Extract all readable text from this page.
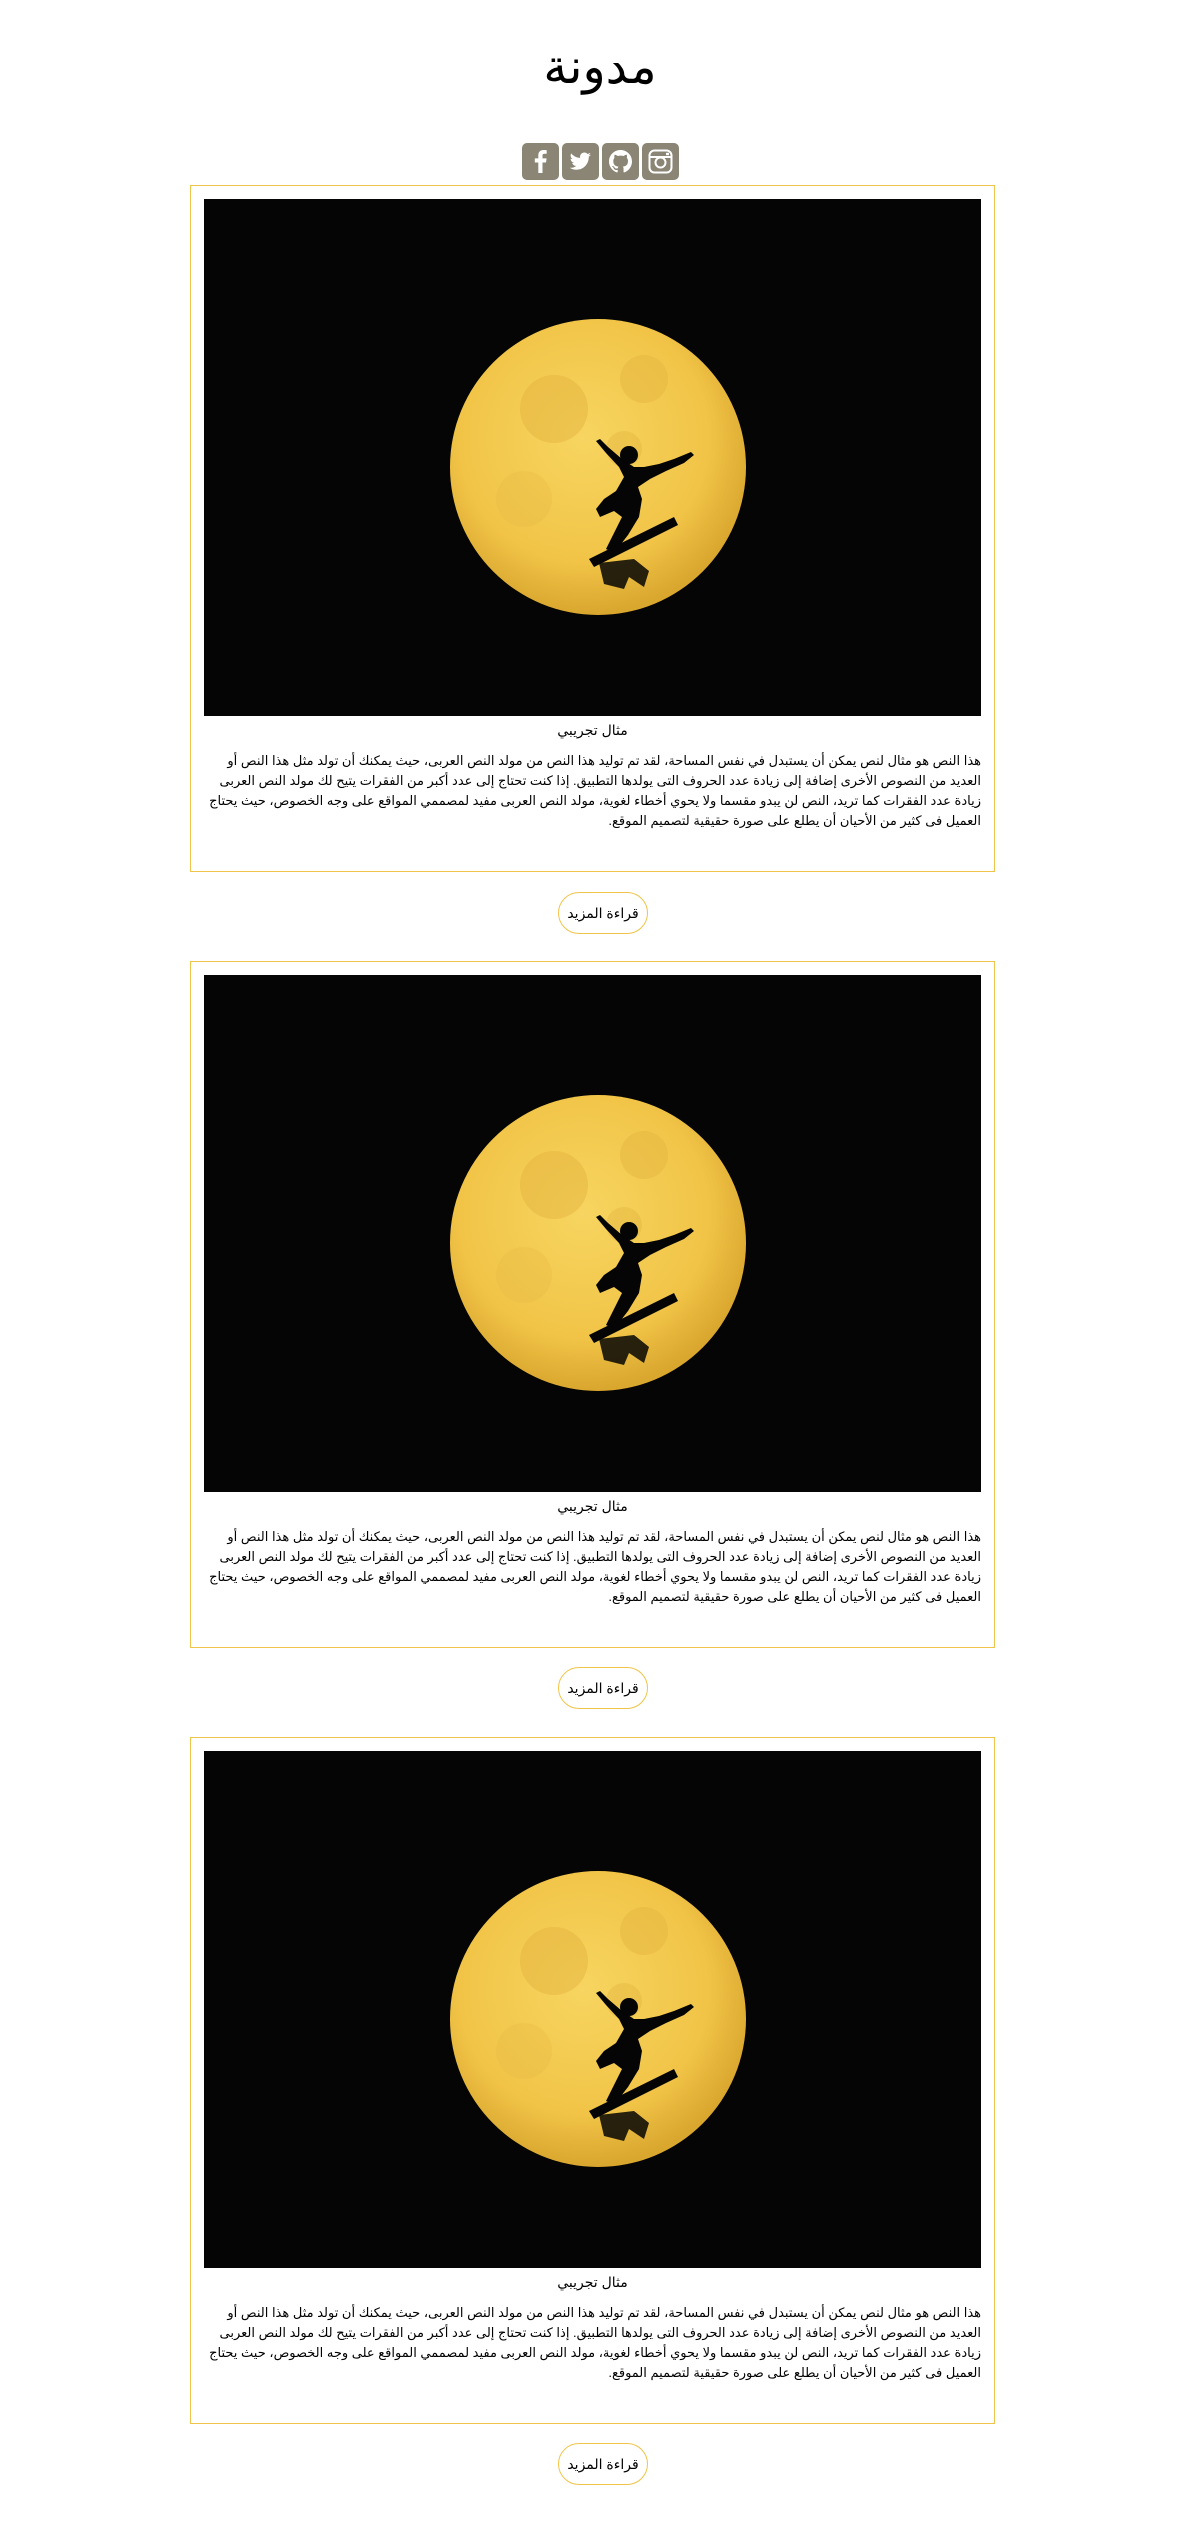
مدونة
مثال تجريبي

هذا النص هو مثال لنص يمكن أن يستبدل في نفس المساحة، لقد تم توليد هذا النص من مولد النص العربى، حيث يمكنك أن تولد مثل هذا النص أو العديد من النصوص الأخرى إضافة إلى زيادة عدد الحروف التى يولدها التطبيق. إذا كنت تحتاج إلى عدد أكبر من الفقرات يتيح لك مولد النص العربى زيادة عدد الفقرات كما تريد، النص لن يبدو مقسما ولا يحوي أخطاء لغوية، مولد النص العربى مفيد لمصممي المواقع على وجه الخصوص، حيث يحتاج العميل فى كثير من الأحيان أن يطلع على صورة حقيقية لتصميم الموقع.

قراءة المزيد
مثال تجريبي

هذا النص هو مثال لنص يمكن أن يستبدل في نفس المساحة، لقد تم توليد هذا النص من مولد النص العربى، حيث يمكنك أن تولد مثل هذا النص أو العديد من النصوص الأخرى إضافة إلى زيادة عدد الحروف التى يولدها التطبيق. إذا كنت تحتاج إلى عدد أكبر من الفقرات يتيح لك مولد النص العربى زيادة عدد الفقرات كما تريد، النص لن يبدو مقسما ولا يحوي أخطاء لغوية، مولد النص العربى مفيد لمصممي المواقع على وجه الخصوص، حيث يحتاج العميل فى كثير من الأحيان أن يطلع على صورة حقيقية لتصميم الموقع.

قراءة المزيد
مثال تجريبي

هذا النص هو مثال لنص يمكن أن يستبدل في نفس المساحة، لقد تم توليد هذا النص من مولد النص العربى، حيث يمكنك أن تولد مثل هذا النص أو العديد من النصوص الأخرى إضافة إلى زيادة عدد الحروف التى يولدها التطبيق. إذا كنت تحتاج إلى عدد أكبر من الفقرات يتيح لك مولد النص العربى زيادة عدد الفقرات كما تريد، النص لن يبدو مقسما ولا يحوي أخطاء لغوية، مولد النص العربى مفيد لمصممي المواقع على وجه الخصوص، حيث يحتاج العميل فى كثير من الأحيان أن يطلع على صورة حقيقية لتصميم الموقع.

قراءة المزيد
